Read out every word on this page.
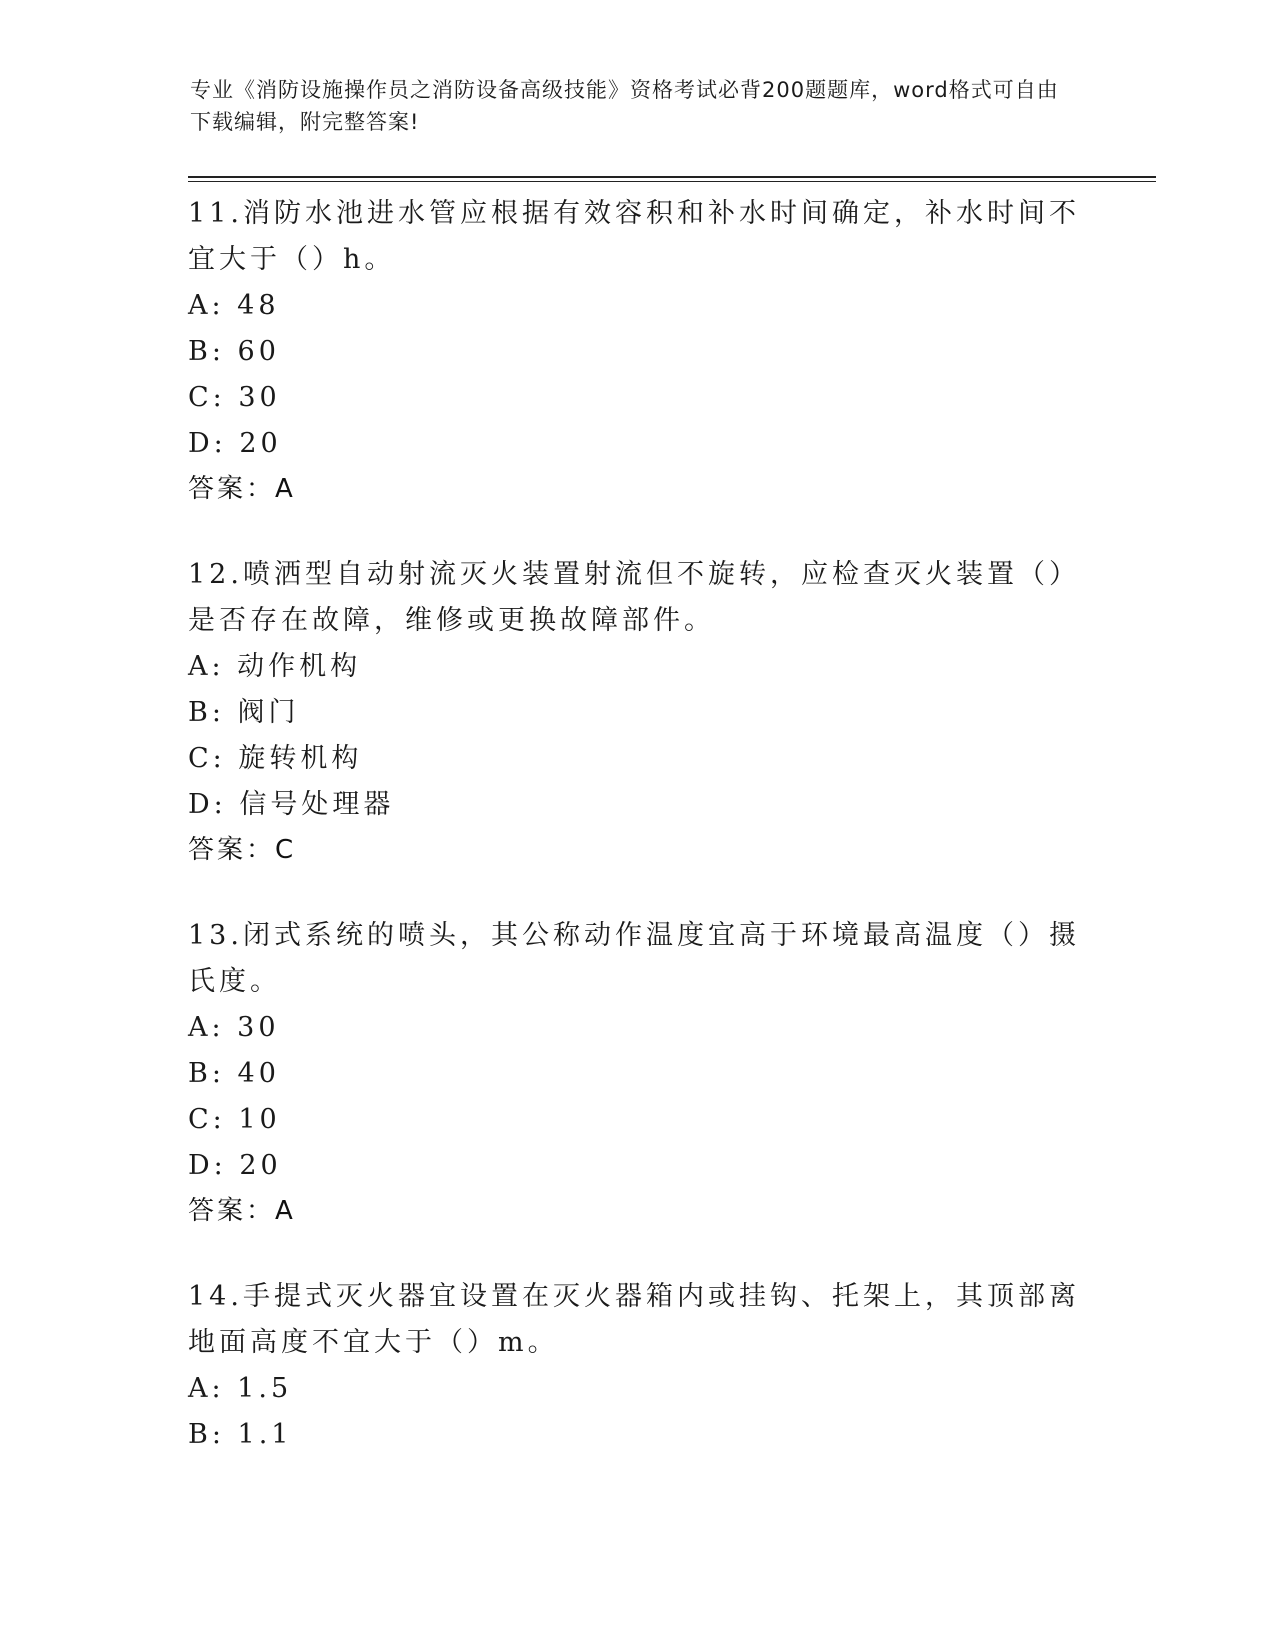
专业《消防设施操作员之消防设备高级技能》资格考试必背200题题库，word格式可自由下载编辑，附完整答案!

11.消防水池进水管应根据有效容积和补水时间确定，补水时间不宜大于（）h。

A: 48
B: 60
C: 30
D: 20
答案：A

12.喷洒型自动射流灭火装置射流但不旋转，应检查灭火装置（）是否存在故障，维修或更换故障部件。

A: 动作机构
B: 阀门
C: 旋转机构
D: 信号处理器
答案：C

13.闭式系统的喷头，其公称动作温度宜高于环境最高温度（）摄氏度。

A: 30
B: 40
C: 10
D: 20
答案：A

14.手提式灭火器宜设置在灭火器箱内或挂钩、托架上，其顶部离地面高度不宜大于（）m。

A: 1.5
B: 1.1
